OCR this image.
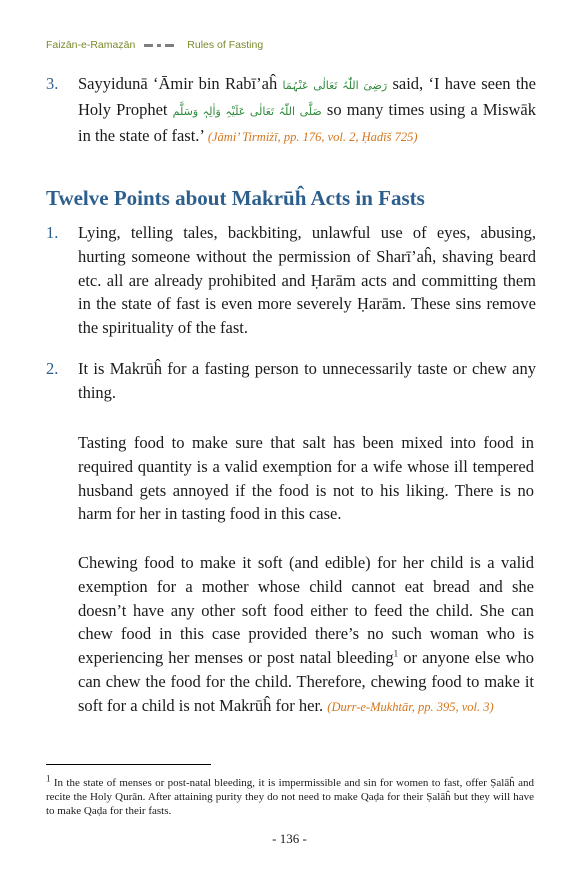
Faizān-e-Ramaẓān	Rules of Fasting
3. Sayyidunā ‘Āmir bin Rabī’aĥ رَضِیَ اللّٰہُ تَعَالٰی عَنْہُمَا said, ‘I have seen the Holy Prophet صَلَّی اللّٰہُ تَعَالٰی عَلَیْہِ وَاٰلِہٖ وَسَلَّم so many times using a Miswāk in the state of fast.’ (Jāmi’ Tirmiżī, pp. 176, vol. 2, Ḥadīš 725)
Twelve Points about Makrūĥ Acts in Fasts
1. Lying, telling tales, backbiting, unlawful use of eyes, abusing, hurting someone without the permission of Sharī’aĥ, shaving beard etc. all are already prohibited and Ḥarām acts and committing them in the state of fast is even more severely Ḥarām. These sins remove the spirituality of the fast.
2. It is Makrūĥ for a fasting person to unnecessarily taste or chew any thing.
Tasting food to make sure that salt has been mixed into food in required quantity is a valid exemption for a wife whose ill tempered husband gets annoyed if the food is not to his liking. There is no harm for her in tasting food in this case.
Chewing food to make it soft (and edible) for her child is a valid exemption for a mother whose child cannot eat bread and she doesn’t have any other soft food either to feed the child. She can chew food in this case provided there’s no such woman who is experiencing her menses or post natal bleeding$^1$ or anyone else who can chew the food for the child. Therefore, chewing food to make it soft for a child is not Makrūĥ for her. (Durr-e-Mukhtār, pp. 395, vol. 3)
$^1$ In the state of menses or post-natal bleeding, it is impermissible and sin for women to fast, offer Ṣalāĥ and recite the Holy Qurān. After attaining purity they do not need to make Qaḍa for their Ṣalāĥ but they will have to make Qaḍa for their fasts.
- 136 -
